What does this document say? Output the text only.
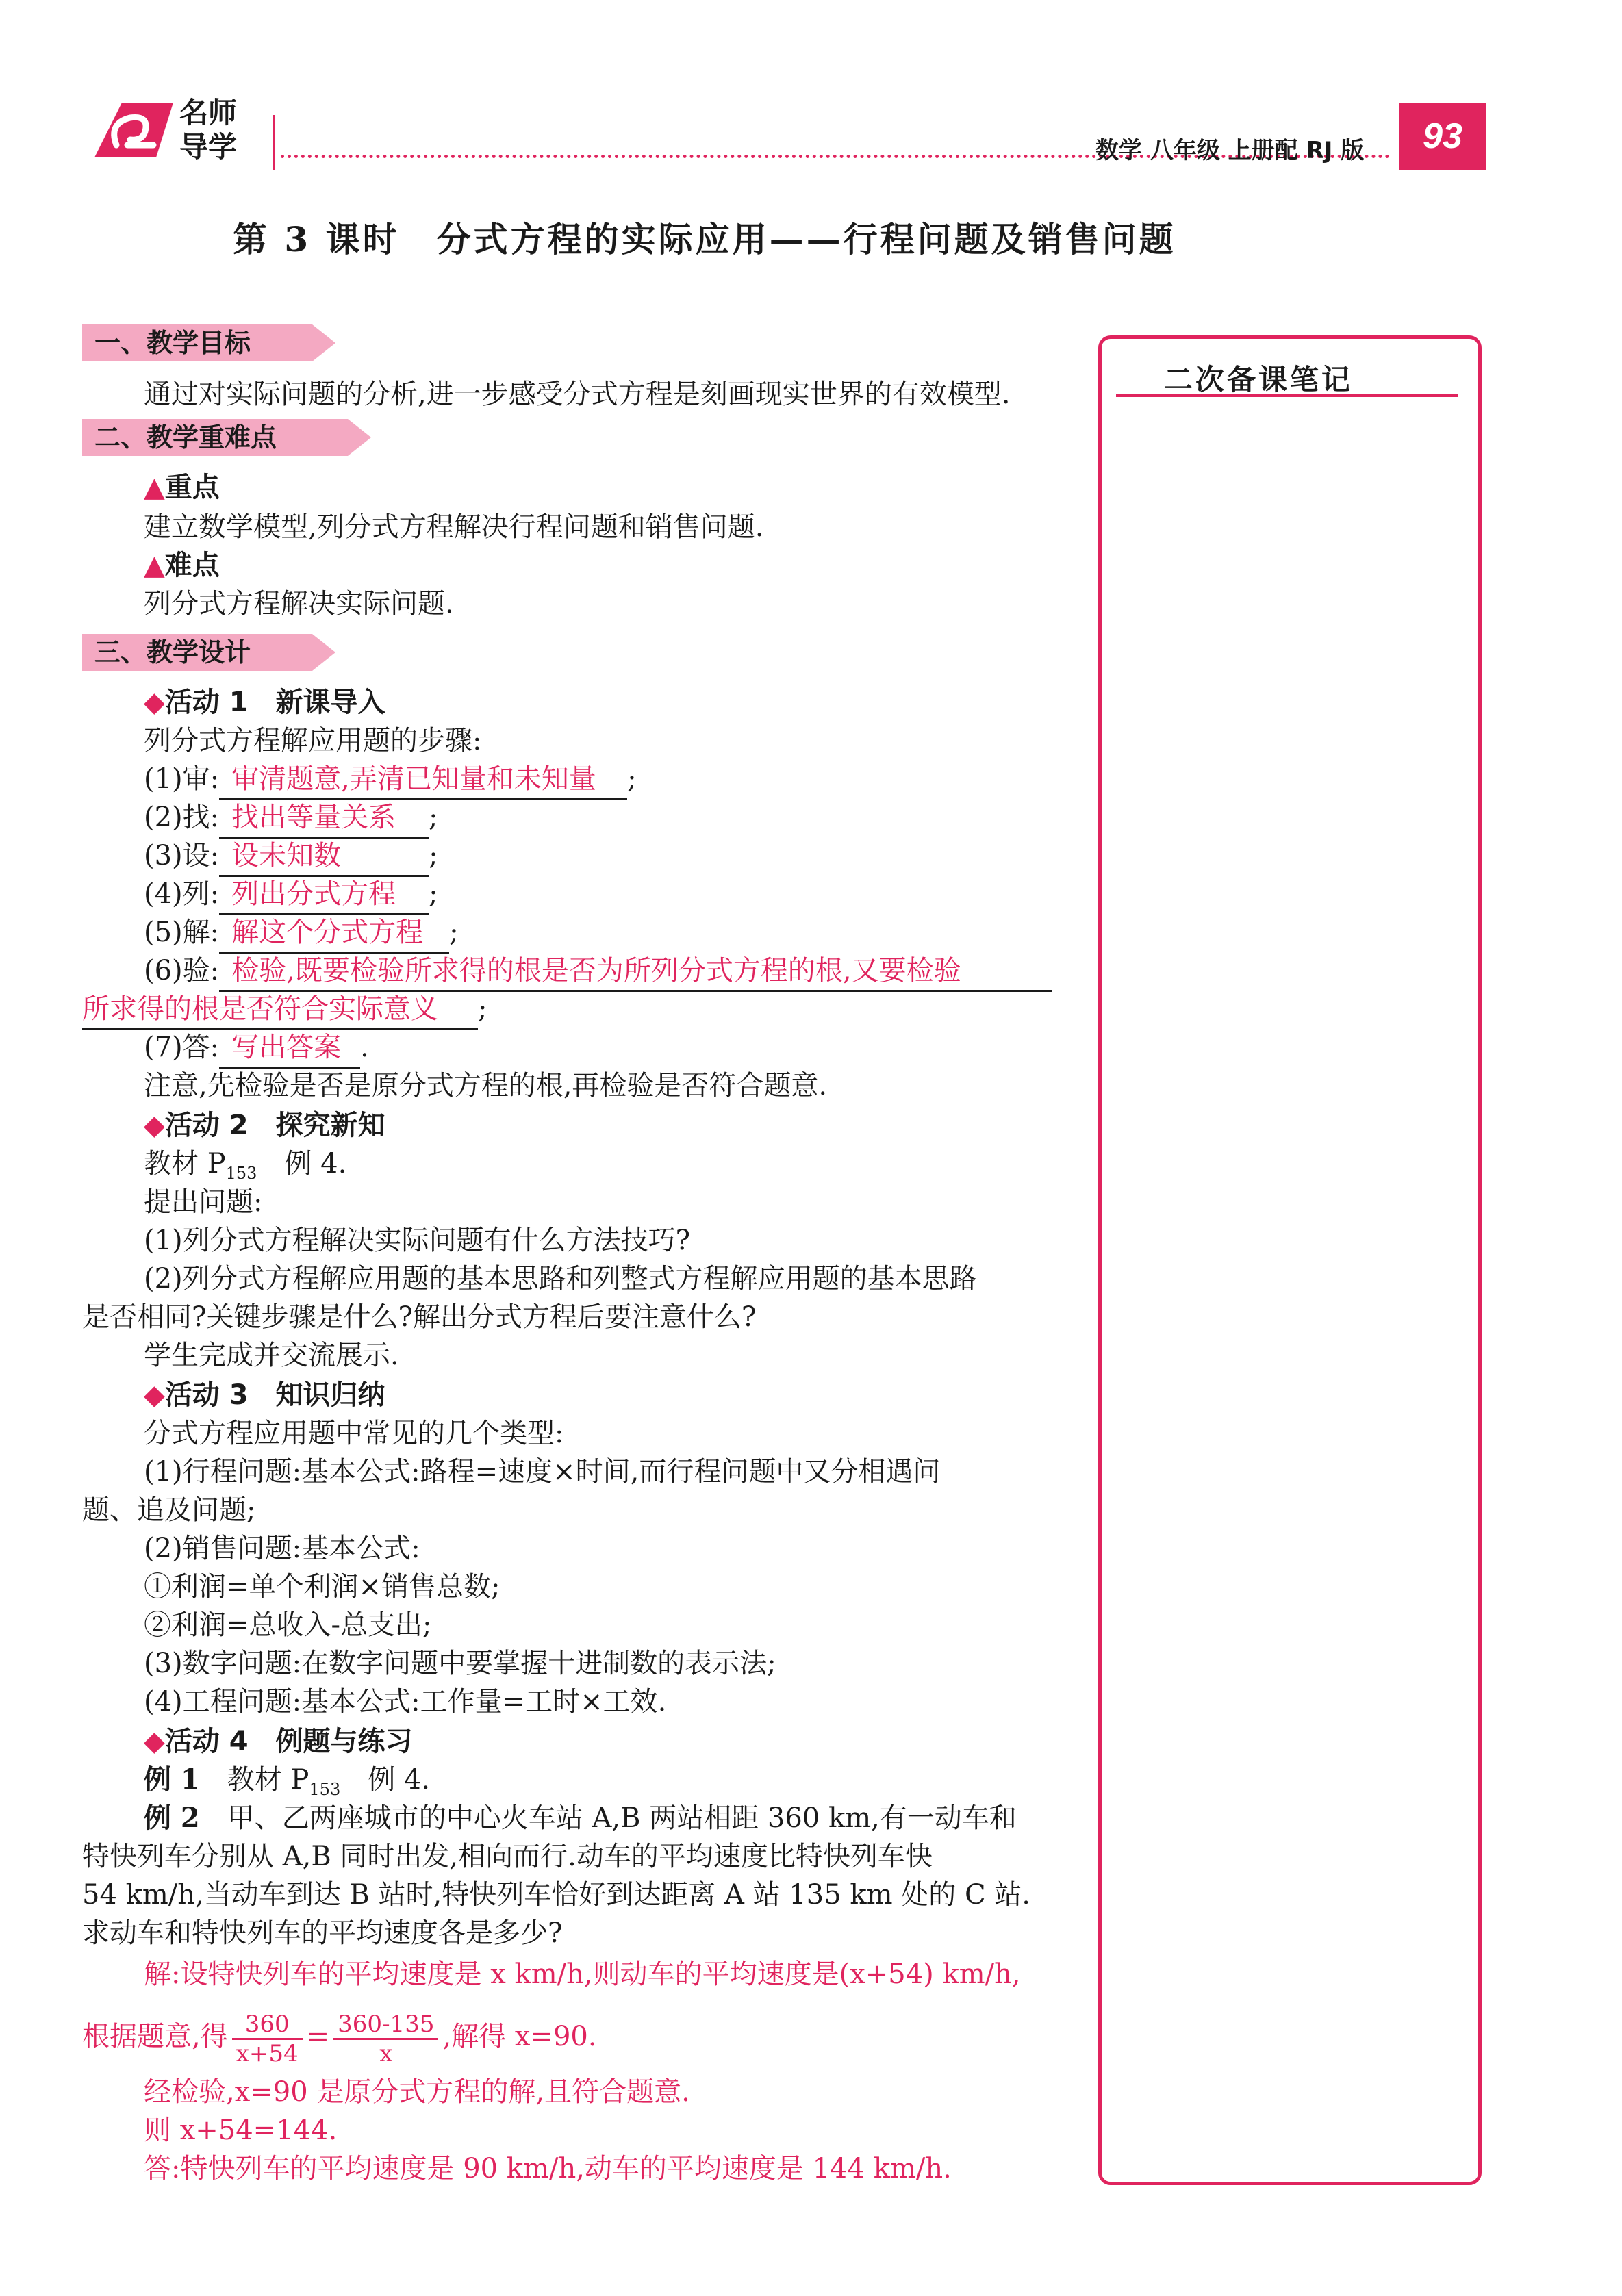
名师
导学	数学 八年级 上册配 RJ 版	93
第 3 课时　分式方程的实际应用——行程问题及销售问题
二次备课笔记
一、教学目标
通过对实际问题的分析,进一步感受分式方程是刻画现实世界的有效模型.
二、教学重难点
▲重点
建立数学模型,列分式方程解决行程问题和销售问题.
▲难点
列分式方程解决实际问题.
三、教学设计
◆活动 1　新课导入
列分式方程解应用题的步骤:
(1)审: 审清题意,弄清已知量和未知量 ;
(2)找: 找出等量关系 ;
(3)设: 设未知数	;
(4)列: 列出分式方程 ;
(5)解: 解这个分式方程 ;
(6)验: 检验,既要检验所求得的根是否为所列分式方程的根,又要检验
所求得的根是否符合实际意义 ;
(7)答: 写出答案 .
注意,先检验是否是原分式方程的根,再检验是否符合题意.
◆活动 2　探究新知
教材 $P_{153}$　例 4.
提出问题:
(1)列分式方程解决实际问题有什么方法技巧?
(2)列分式方程解应用题的基本思路和列整式方程解应用题的基本思路
是否相同?关键步骤是什么?解出分式方程后要注意什么?
学生完成并交流展示.
◆活动 3　知识归纳
分式方程应用题中常见的几个类型:
(1)行程问题:基本公式:路程=速度×时间,而行程问题中又分相遇问
题、追及问题;
(2)销售问题:基本公式:
①利润=单个利润×销售总数;
②利润=总收入-总支出;
(3)数字问题:在数字问题中要掌握十进制数的表示法;
(4)工程问题:基本公式:工作量=工时×工效.
◆活动 4　例题与练习
例 1　教材 $P_{153}$　例 4.
例 2　甲、乙两座城市的中心火车站 A,B 两站相距 360 km,有一动车和
特快列车分别从 A,B 同时出发,相向而行.动车的平均速度比特快列车快
54 km/h,当动车到达 B 站时,特快列车恰好到达距离 A 站 135 km 处的 C 站.
求动车和特快列车的平均速度各是多少?
解:设特快列车的平均速度是 x km/h,则动车的平均速度是(x+54) km/h,
根据题意,得 $\frac{360}{x+54} = \frac{360-135}{x}$ ,解得 x=90.
经检验,x=90 是原分式方程的解,且符合题意.
则 x+54=144.
答:特快列车的平均速度是 90 km/h,动车的平均速度是 144 km/h.
